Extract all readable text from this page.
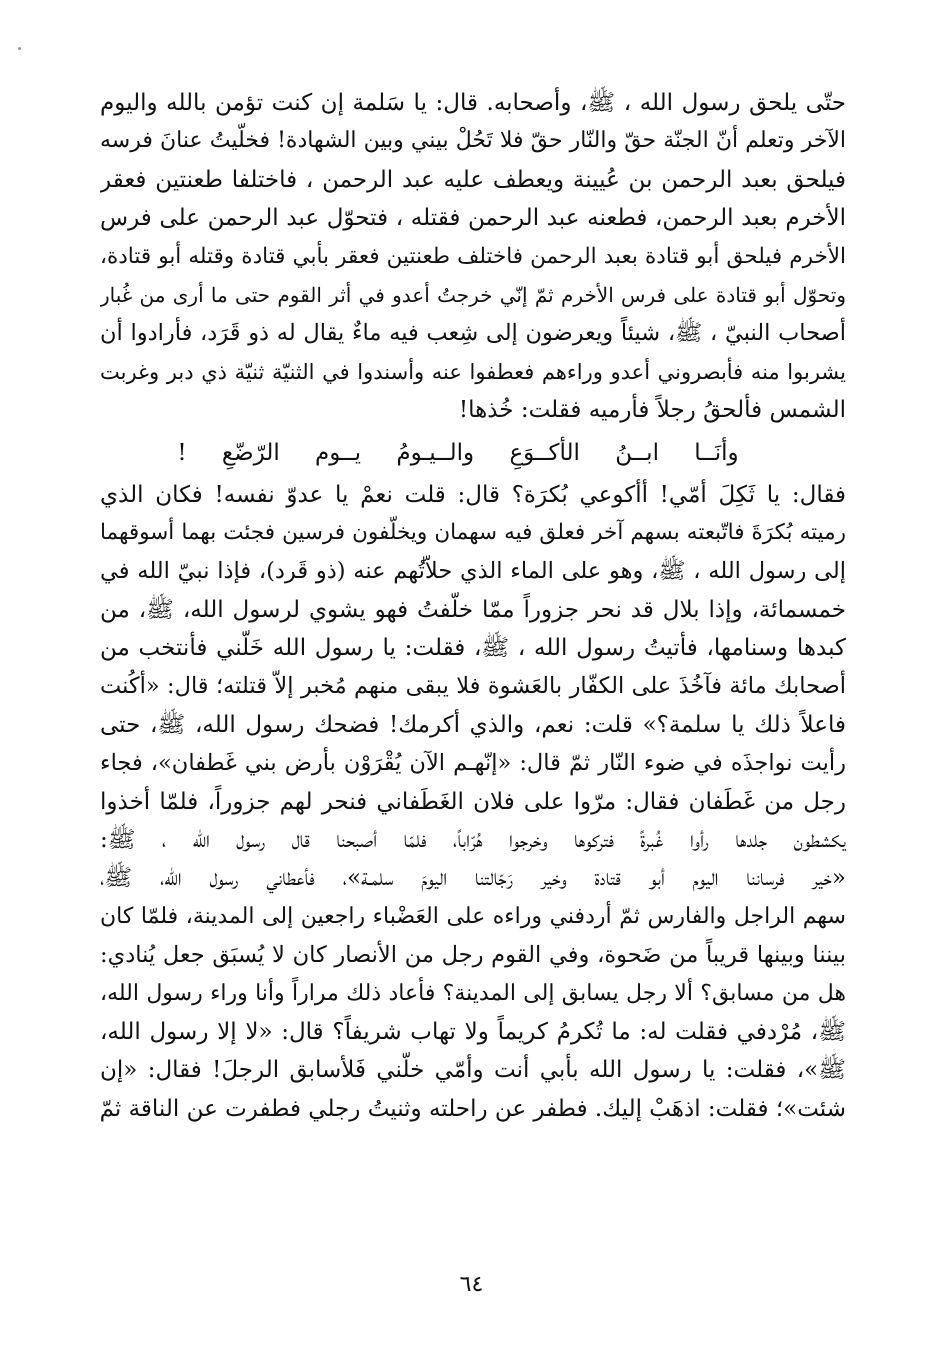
حتّى يلحق رسول الله ، ﷺ، وأصحابه. قال: يا سَلمة إن كنت تؤمن بالله واليوم
الآخر وتعلم أنّ الجنّة حقّ والنّار حقّ فلا تَحُلْ بيني وبين الشهادة! فخلّيتُ عنانَ فرسه
فيلحق بعبد الرحمن بن عُيينة ويعطف عليه عبد الرحمن ، فاختلفا طعنتين فعقر
الأخرم بعبد الرحمن، فطعنه عبد الرحمن فقتله ، فتحوّل عبد الرحمن على فرس
الأخرم فيلحق أبو قتادة بعبد الرحمن فاختلف طعنتين فعقر بأبي قتادة وقتله أبو قتادة،
وتحوّل أبو قتادة على فرس الأخرم ثمّ إنّي خرجتُ أعدو في أثر القوم حتى ما أرى من غُبار
أصحاب النبيّ ، ﷺ، شيئاً ويعرضون إلى شِعب فيه ماءٌ يقال له ذو قَرَد، فأرادوا أن
يشربوا منه فأبصروني أعدو وراءهم فعطفوا عنه وأسندوا في الثنيّة ثنيّة ذي دبر وغربت
الشمس فألحقُ رجلاً فأرميه فقلت: خُذها!
وأنَــا ابــنُ الأكــوَعِ والــيـومُ يــوم الرّضّعِ !
فقال: يا ثَكِلَ أمّي! أأكوعي بُكرَة؟ قال: قلت نعمْ يا عدوّ نفسه! فكان الذي
رميته بُكرَةَ فاتّبعته بسهم آخر فعلق فيه سهمان ويخلّفون فرسين فجئت بهما أسوقهما
إلى رسول الله ، ﷺ، وهو على الماء الذي حلاّتُهم عنه (ذو قَرد)، فإذا نبيّ الله في
خمسمائة، وإذا بلال قد نحر جزوراً ممّا خلّفتُ فهو يشوي لرسول الله، ﷺ، من
كبدها وسنامها، فأتيتُ رسول الله ، ﷺ، فقلت: يا رسول الله خَلّني فأنتخب من
أصحابك مائة فآخُذَ على الكفّار بالعَشوة فلا يبقى منهم مُخبر إلاّ قتلته؛ قال: «أكُنت
فاعلاً ذلك يا سلمة؟» قلت: نعم، والذي أكرمك! فضحك رسول الله، ﷺ، حتى
رأيت نواجذَه في ضوء النّار ثمّ قال: «إنّهـم الآن يُقْرَوْن بأرض بني غَطفان»، فجاء
رجل من غَطَفان فقال: مرّوا على فلان الغَطَفاني فنحر لهم جزوراً، فلمّا أخذوا
يكشطون جلدها رأوا غُبرةً فتركوها وخرجوا هُرّاباً، فلمّا أصبحنا قال رسول الله ، ﷺ:
«خير فرساننا اليوم أبو قتادة وخير رَجّالتنا اليومَ سلمـة»، فأعطاني رسول الله، ﷺ،
سهم الراجل والفارس ثمّ أردفني وراءه على العَضْباء راجعين إلى المدينة، فلمّا كان
بيننا وبينها قريباً من ضَحوة، وفي القوم رجل من الأنصار كان لا يُسبَق جعل يُنادي:
هل من مسابق؟ ألا رجل يسابق إلى المدينة؟ فأعاد ذلك مراراً وأنا وراء رسول الله،
ﷺ، مُرْدفي فقلت له: ما تُكرمُ كريماً ولا تهاب شريفاً؟ قال: «لا إلا رسول الله،
ﷺ»، فقلت: يا رسول الله بأبي أنت وأمّي خلّني فَلأسابق الرجلَ! فقال: «إن
شئت»؛ فقلت: اذهَبْ إليك. فطفر عن راحلته وثنيتُ رجلي فطفرت عن الناقة ثمّ
٦٤
